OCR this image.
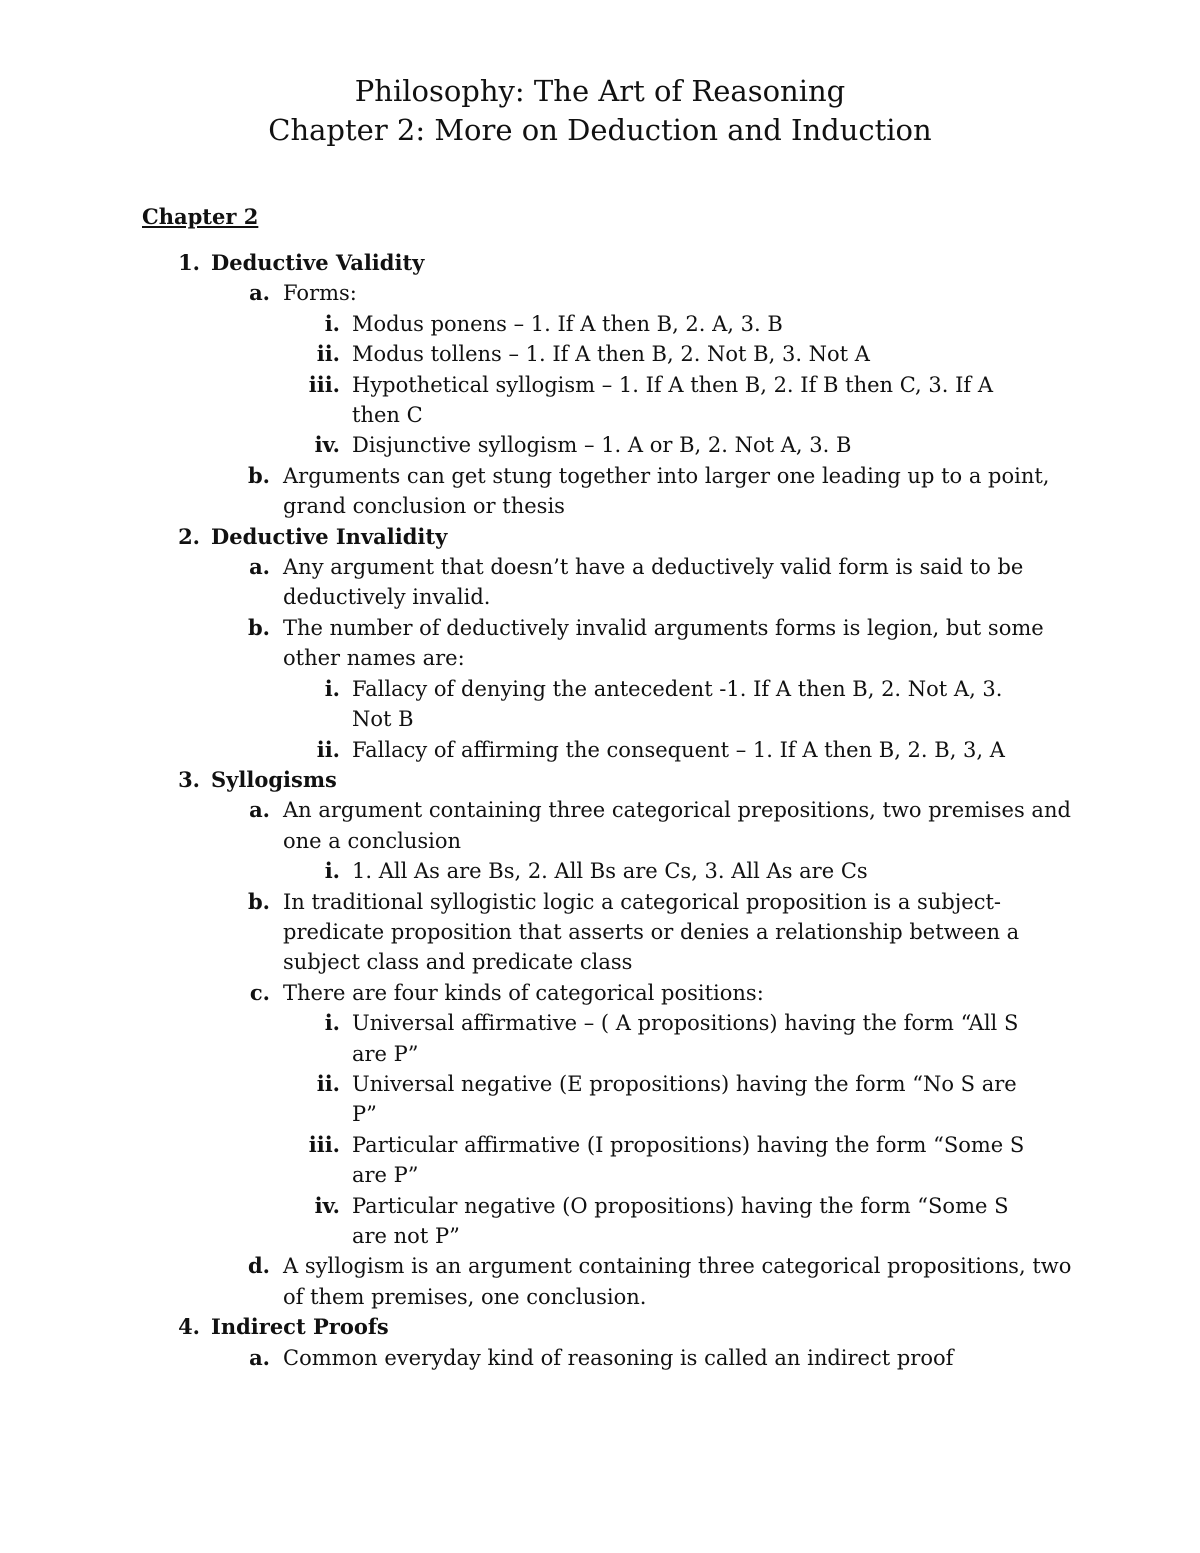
Philosophy: The Art of Reasoning
Chapter 2: More on Deduction and Induction
Chapter 2
1. Deductive Validity
a. Forms:
i. Modus ponens – 1. If A then B, 2. A, 3. B
ii. Modus tollens – 1. If A then B, 2. Not B, 3. Not A
iii. Hypothetical syllogism – 1. If A then B, 2. If B then C, 3. If A then C
iv. Disjunctive syllogism – 1. A or B, 2. Not A, 3. B
b. Arguments can get stung together into larger one leading up to a point, grand conclusion or thesis
2. Deductive Invalidity
a. Any argument that doesn’t have a deductively valid form is said to be deductively invalid.
b. The number of deductively invalid arguments forms is legion, but some other names are:
i. Fallacy of denying the antecedent -1. If A then B, 2. Not A, 3. Not B
ii. Fallacy of affirming the consequent – 1. If A then B, 2. B, 3, A
3. Syllogisms
a. An argument containing three categorical prepositions, two premises and one a conclusion
i. 1. All As are Bs, 2. All Bs are Cs, 3. All As are Cs
b. In traditional syllogistic logic a categorical proposition is a subject-predicate proposition that asserts or denies a relationship between a subject class and predicate class
c. There are four kinds of categorical positions:
i. Universal affirmative – ( A propositions) having the form “All S are P”
ii. Universal negative (E propositions) having the form “No S are P”
iii. Particular affirmative (I propositions) having the form “Some S are P”
iv. Particular negative (O propositions) having the form “Some S are not P”
d. A syllogism is an argument containing three categorical propositions, two of them premises, one conclusion.
4. Indirect Proofs
a. Common everyday kind of reasoning is called an indirect proof
